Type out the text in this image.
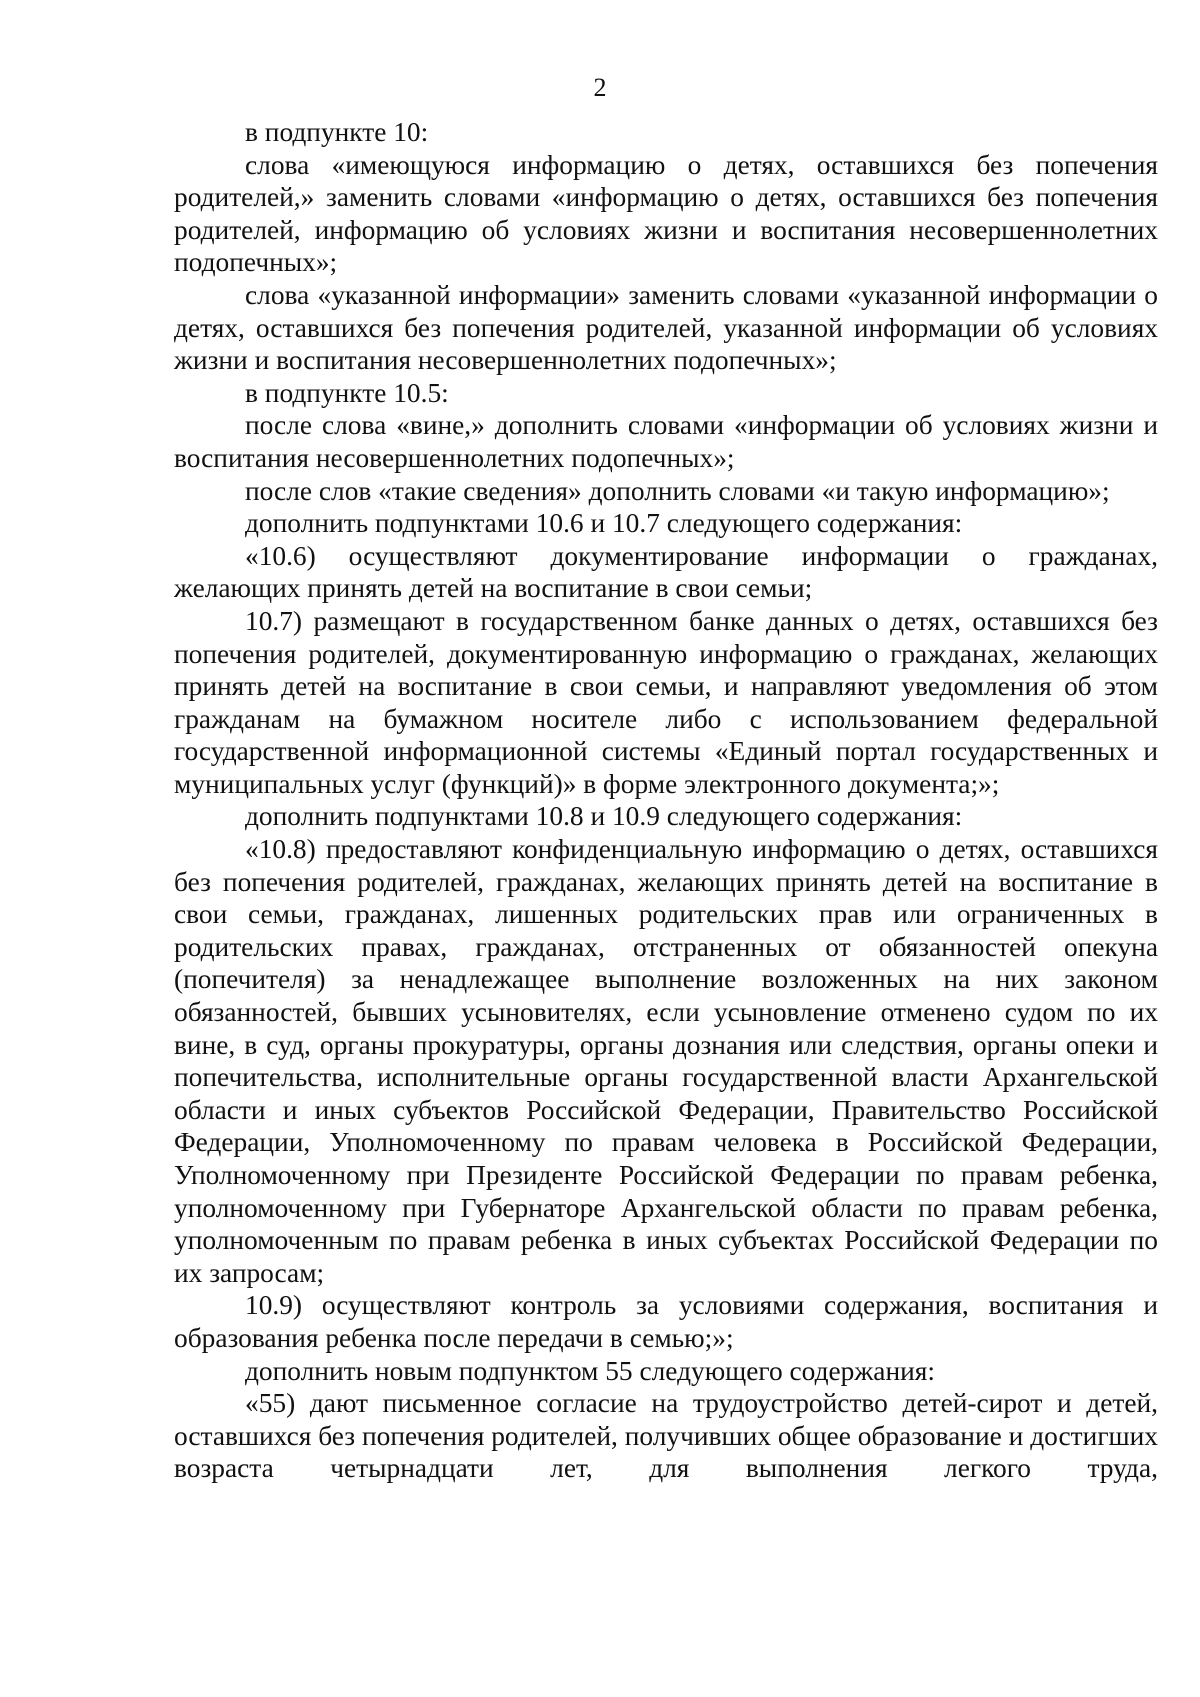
2

в подпункте 10:

слова «имеющуюся информацию о детях, оставшихся без попечения родителей,» заменить словами «информацию о детях, оставшихся без попечения родителей, информацию об условиях жизни и воспитания несовершеннолетних подопечных»;

слова «указанной информации» заменить словами «указанной информации о детях, оставшихся без попечения родителей, указанной информации об условиях жизни и воспитания несовершеннолетних подопечных»;

в подпункте 10.5:

после слова «вине,» дополнить словами «информации об условиях жизни и воспитания несовершеннолетних подопечных»;

после слов «такие сведения» дополнить словами «и такую информацию»;

дополнить подпунктами 10.6 и 10.7 следующего содержания:

«10.6) осуществляют документирование информации о гражданах, желающих принять детей на воспитание в свои семьи;

10.7) размещают в государственном банке данных о детях, оставшихся без попечения родителей, документированную информацию о гражданах, желающих принять детей на воспитание в свои семьи, и направляют уведомления об этом гражданам на бумажном носителе либо с использованием федеральной государственной информационной системы «Единый портал государственных и муниципальных услуг (функций)» в форме электронного документа;»;

дополнить подпунктами 10.8 и 10.9 следующего содержания:

«10.8) предоставляют конфиденциальную информацию о детях, оставшихся без попечения родителей, гражданах, желающих принять детей на воспитание в свои семьи, гражданах, лишенных родительских прав или ограниченных в родительских правах, гражданах, отстраненных от обязанностей опекуна (попечителя) за ненадлежащее выполнение возложенных на них законом обязанностей, бывших усыновителях, если усыновление отменено судом по их вине, в суд, органы прокуратуры, органы дознания или следствия, органы опеки и попечительства, исполнительные органы государственной власти Архангельской области и иных субъектов Российской Федерации, Правительство Российской Федерации, Уполномоченному по правам человека в Российской Федерации, Уполномоченному при Президенте Российской Федерации по правам ребенка, уполномоченному при Губернаторе Архангельской области по правам ребенка, уполномоченным по правам ребенка в иных субъектах Российской Федерации по их запросам;

10.9) осуществляют контроль за условиями содержания, воспитания и образования ребенка после передачи в семью;»;

дополнить новым подпунктом 55 следующего содержания:

«55) дают письменное согласие на трудоустройство детей-сирот и детей, оставшихся без попечения родителей, получивших общее образование и достигших возраста четырнадцати лет, для выполнения легкого труда,
